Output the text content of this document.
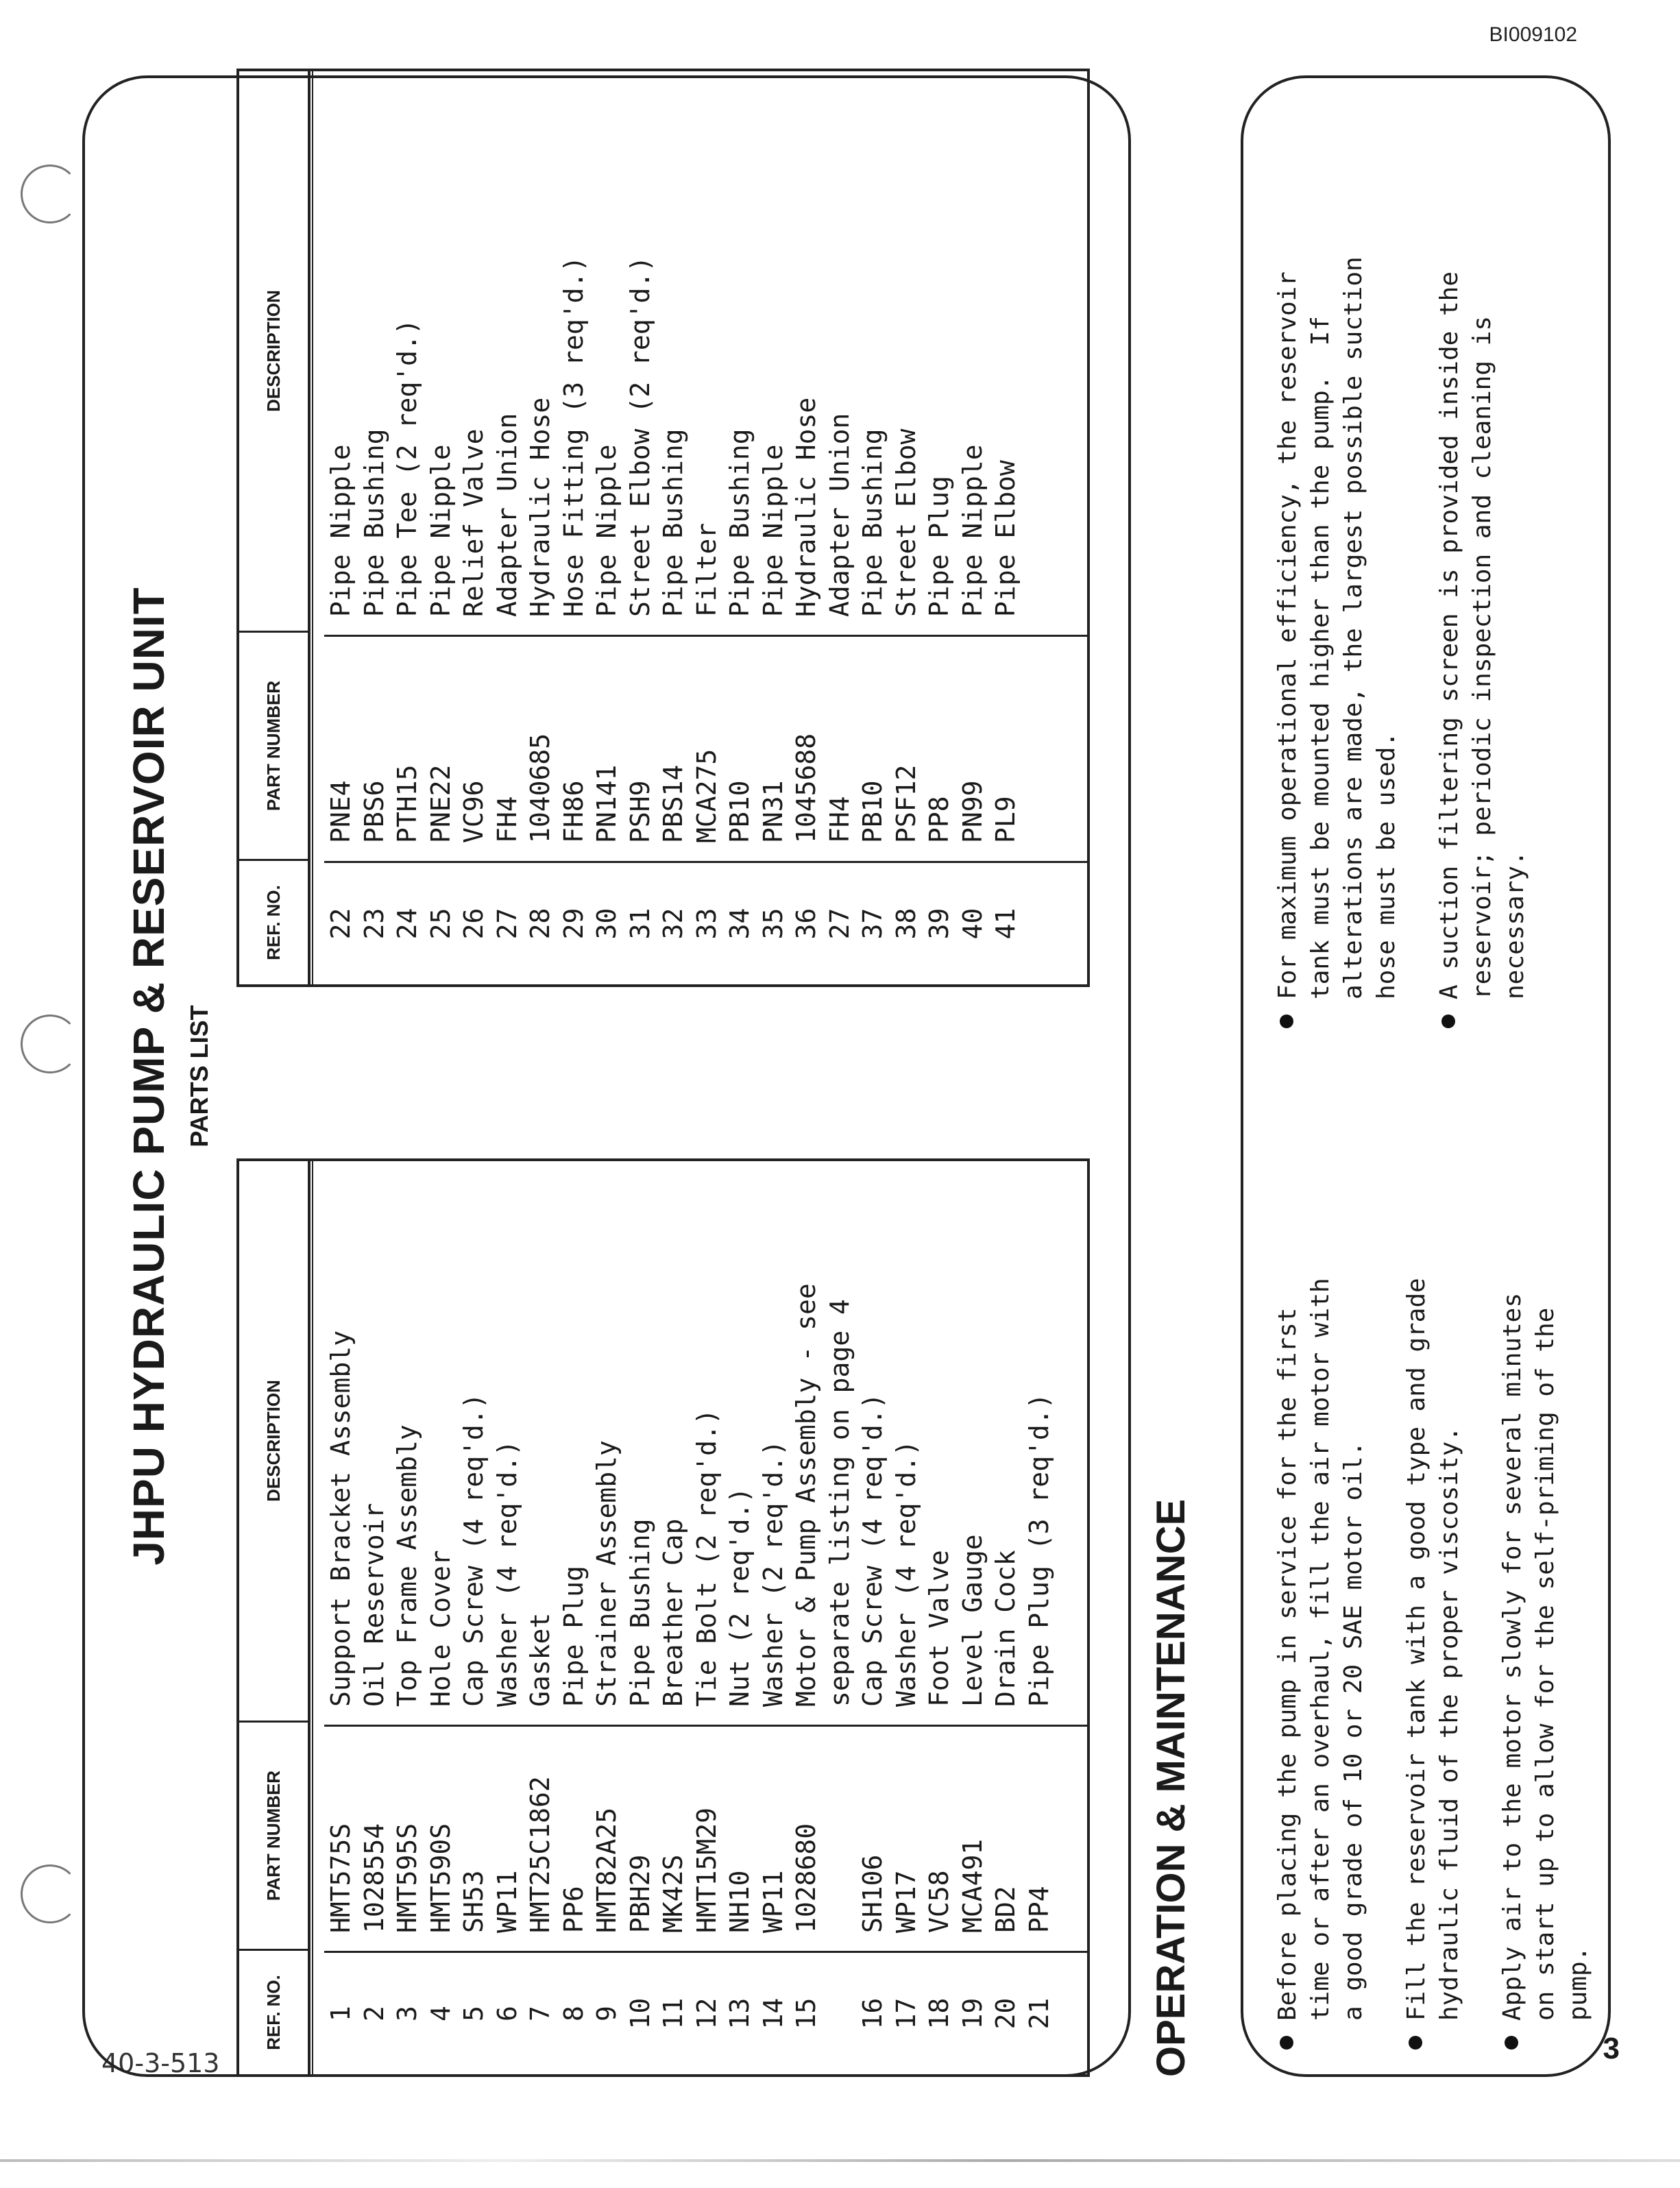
BI009102
40-3-513	3
JHPU HYDRAULIC PUMP & RESERVOIR UNIT PARTS LIST
REF. NO.
PART NUMBER
DESCRIPTION
1 2 3 4 5 6 7 8 9 10 11 12 13 14 15 16 17 18 19 20 21
HMT575S 1028554 HMT595S HMT590S SH53 WP11 HMT25C1862 PP6 HMT82A25 PBH29 MK42S HMT15M29 NH10 WP11 1028680 SH106 WP17 VC58 MCA491 BD2 PP4
Support Bracket Assembly Oil Reservoir Top Frame Assembly Hole Cover Cap Screw (4 req'd.) Washer (4 req'd.) Gasket Pipe Plug Strainer Assembly Pipe Bushing Breather Cap Tie Bolt (2 req'd.) Nut (2 req'd.) Washer (2 req'd.) Motor & Pump Assembly - see separate listing on page 4 Cap Screw (4 req'd.) Washer (4 req'd.) Foot Valve Level Gauge Drain Cock Pipe Plug (3 req'd.)
REF. NO.
PART NUMBER
DESCRIPTION
22 23 24 25 26 27 28 29 30 31 32 33 34 35 36 27 37 38 39 40 41
PNE4 PBS6 PTH15 PNE22 VC96 FH4 1040685 FH86 PN141 PSH9 PBS14 MCA275 PB10 PN31 1045688 FH4 PB10 PSF12 PP8 PN99 PL9
Pipe Nipple Pipe Bushing Pipe Tee (2 req'd.) Pipe Nipple Relief Valve Adapter Union Hydraulic Hose Hose Fitting (3 req'd.) Pipe Nipple Street Elbow (2 req'd.) Pipe Bushing Filter Pipe Bushing Pipe Nipple Hydraulic Hose Adapter Union Pipe Bushing Street Elbow Pipe Plug Pipe Nipple Pipe Elbow
OPERATION & MAINTENANCE	Before placing the pump in service for the first
time or after an overhaul, fill the air motor with
a good grade of 10 or 20 SAE motor oil.
Fill the reservoir tank with a good type and grade
hydraulic fluid of the proper viscosity.
Apply air to the motor slowly for several minutes
on start up to allow for the self-priming of the
pump.
For maximum operational efficiency, the reservoir
tank must be mounted higher than the pump.  If
alterations are made, the largest possible suction
hose must be used.
A suction filtering screen is provided inside the
reservoir; periodic inspection and cleaning is
necessary.
